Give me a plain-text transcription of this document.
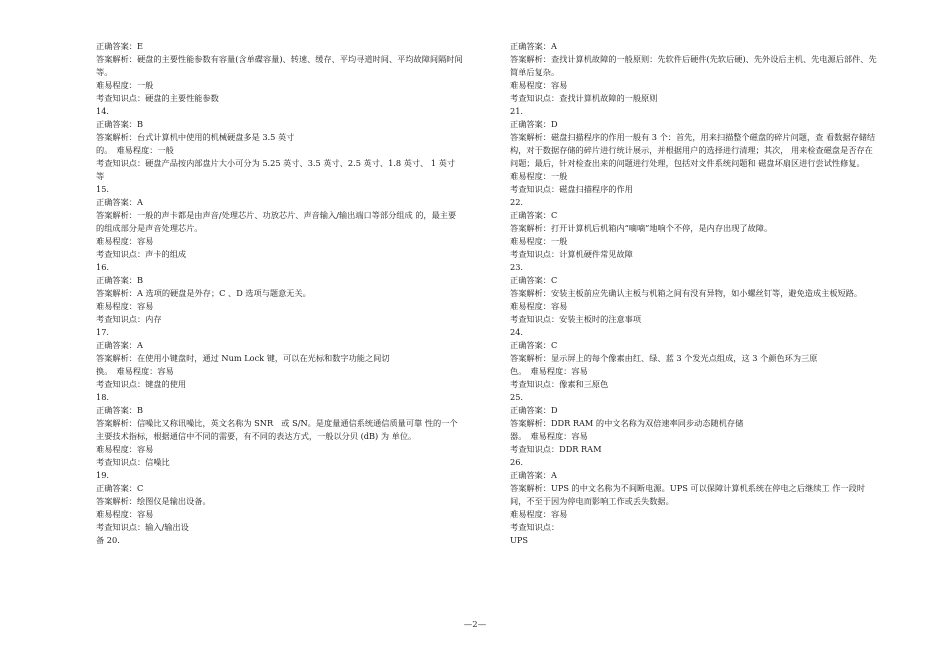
正确答案：E

答案解析：硬盘的主要性能参数有容量(含单碟容量)、转速、缓存、平均寻道时间、平均故障间隔时间等。

难易程度：一般

考查知识点：硬盘的主要性能参数

14.

正确答案：B

答案解析：台式计算机中使用的机械硬盘多是 3.5 英寸

的。　难易程度：一般

考查知识点：硬盘产品按内部盘片大小可分为 5.25 英寸、3.5 英寸、2.5 英寸、1.8 英寸、 1 英寸等

15.

正确答案：A

答案解析：一般的声卡都是由声音/处理芯片、功放芯片、声音输入/输出端口等部分组成 的，最主要的组成部分是声音处理芯片。

难易程度：容易

考查知识点：声卡的组成

16.

正确答案：B

答案解析：A 选项的硬盘是外存；C 、D 选项与题意无关。

难易程度：容易

考查知识点：内存

17.

正确答案：A

答案解析：在使用小键盘时，通过 Num Lock 键，可以在光标和数字功能之间切

换。　难易程度：容易

考查知识点：键盘的使用

18.

正确答案：B

答案解析：信噪比又称讯噪比，英文名称为 SNR　或 S/N。是度量通信系统通信质量可靠 性的一个主要技术指标，根据通信中不同的需要，有不同的表达方式，一般以分贝 (dB) 为 单位。

难易程度：容易

考查知识点：信噪比

19.

正确答案：C

答案解析：绘图仪是输出设备。

难易程度：容易

考查知识点：输入/输出设

备 20.

正确答案：A

答案解析：查找计算机故障的一般原则：先软件后硬件(先软后硬)、先外设后主机、先电源后部件、先简单后复杂。

难易程度：容易

考查知识点：查找计算机故障的一般原则

21.

正确答案：D

答案解析：磁盘扫描程序的作用一般有 3 个：首先，用来扫描整个磁盘的碎片问题，查 看数据存储结构，对于数据存储的碎片进行统计展示，并根据用户的选择进行清理；其次， 用来检查磁盘是否存在问题；最后，针对检查出来的问题进行处理，包括对文件系统问题和 磁盘坏扇区进行尝试性修复。

难易程度：一般

考查知识点：磁盘扫描程序的作用

22.

正确答案：C

答案解析：打开计算机后机箱内“嘀嘀”地响个不停，是内存出现了故障。

难易程度：一般

考查知识点：计算机硬件常见故障

23.

正确答案：C

答案解析：安装主板前应先确认主板与机箱之间有没有异物，如小螺丝钉等，避免造成主板短路。

难易程度：容易

考查知识点：安装主板时的注意事项

24.

正确答案：C

答案解析：显示屏上的每个像素由红、绿、蓝 3 个发光点组成，这 3 个颜色环为三原

色。　难易程度：容易

考查知识点：像素和三原色

25.

正确答案：D

答案解析：DDR RAM 的中文名称为双倍速率同步动态随机存储

器。　难易程度：容易

考查知识点：DDR RAM

26.

正确答案：A

答案解析：UPS 的中文名称为不间断电源。UPS 可以保障计算机系统在停电之后继续工 作一段时间，不至于因为停电而影响工作或丢失数据。

难易程度：容易

考查知识点：

UPS

—2—
